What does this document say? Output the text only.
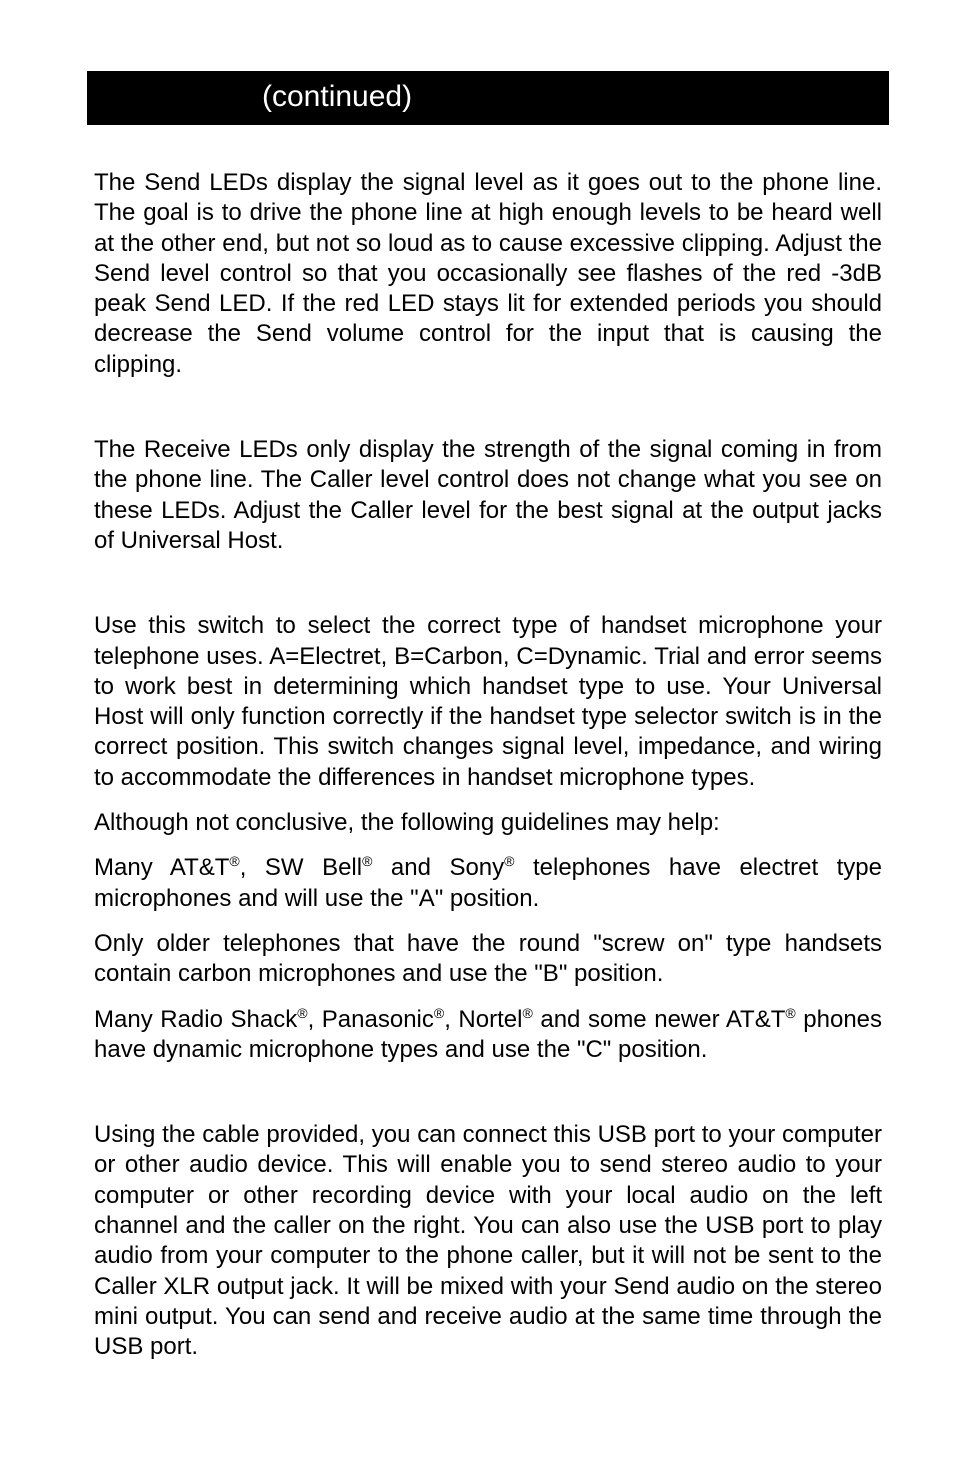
(continued)

The Send LEDs display the signal level as it goes out to the phone line. The goal is to drive the phone line at high enough levels to be heard well at the other end, but not so loud as to cause excessive clipping. Adjust the Send level control so that you occasionally see flashes of the red -3dB peak Send LED. If the red LED stays lit for extended periods you should decrease the Send volume control for the input that is causing the clipping.

The Receive LEDs only display the strength of the signal coming in from the phone line. The Caller level control does not change what you see on these LEDs. Adjust the Caller level for the best signal at the output jacks of Universal Host.

Use this switch to select the correct type of handset microphone your telephone uses. A=Electret, B=Carbon, C=Dynamic. Trial and error seems to work best in determining which handset type to use. Your Universal Host will only function correctly if the handset type selector switch is in the correct position. This switch changes signal level, impedance, and wiring to accommodate the differences in handset microphone types.

Although not conclusive, the following guidelines may help:

Many AT&T®, SW Bell® and Sony® telephones have electret type microphones and will use the "A" position.

Only older telephones that have the round "screw on" type handsets contain carbon microphones and use the "B" position.

Many Radio Shack®, Panasonic®, Nortel® and some newer AT&T® phones have dynamic microphone types and use the "C" position.

Using the cable provided, you can connect this USB port to your computer or other audio device. This will enable you to send stereo audio to your computer or other recording device with your local audio on the left channel and the caller on the right. You can also use the USB port to play audio from your computer to the phone caller, but it will not be sent to the Caller XLR output jack. It will be mixed with your Send audio on the stereo mini output. You can send and receive audio at the same time through the USB port.
